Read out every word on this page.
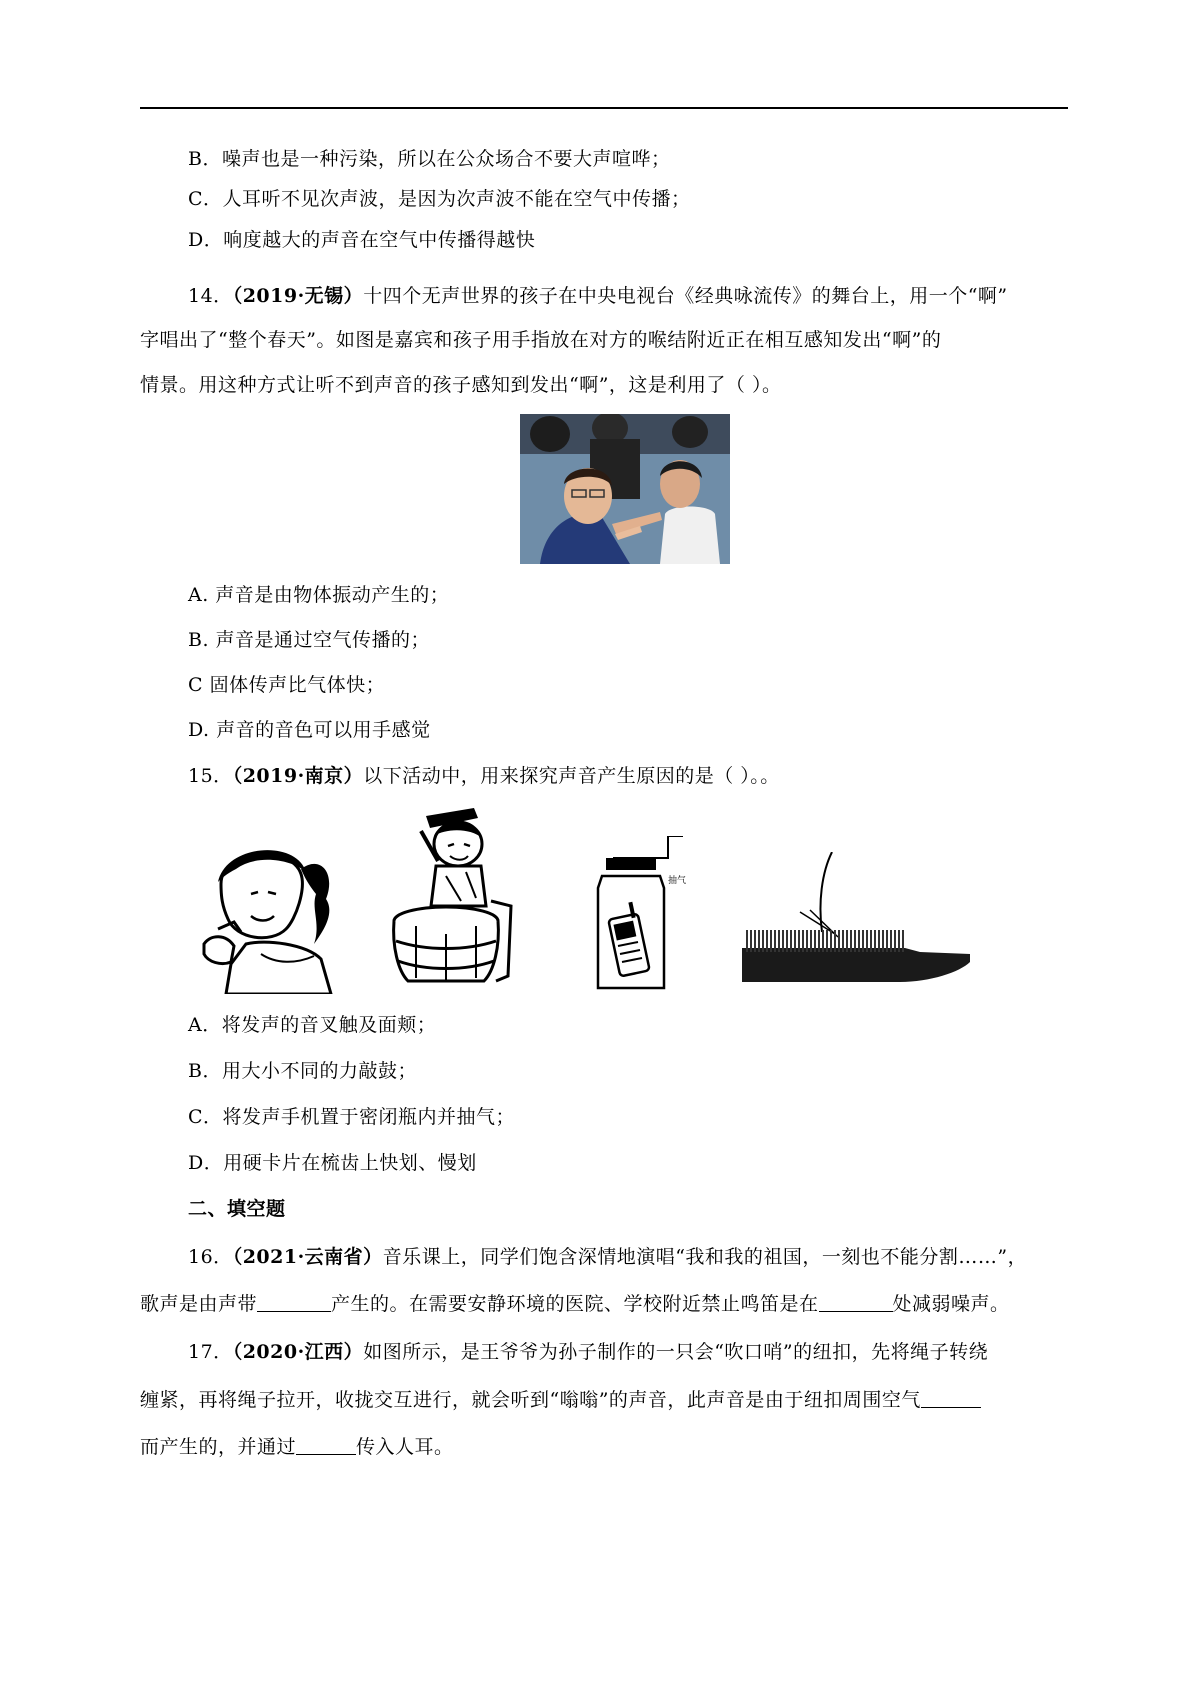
B．噪声也是一种污染，所以在公众场合不要大声喧哗；
C．人耳听不见次声波，是因为次声波不能在空气中传播；
D．响度越大的声音在空气中传播得越快
14．（2019·无锡）十四个无声世界的孩子在中央电视台《经典咏流传》的舞台上，用一个“啊”
字唱出了“整个春天”。如图是嘉宾和孩子用手指放在对方的喉结附近正在相互感知发出“啊”的
情景。用这种方式让听不到声音的孩子感知到发出“啊”，这是利用了（ ）。
A. 声音是由物体振动产生的；
B. 声音是通过空气传播的；
C 固体传声比气体快；
D. 声音的音色可以用手感觉
15．（2019·南京）以下活动中，用来探究声音产生原因的是（ ）。。
抽气
A．将发声的音叉触及面颊；
B．用大小不同的力敲鼓；
C．将发声手机置于密闭瓶内并抽气；
D．用硬卡片在梳齿上快划、慢划
二、填空题
16．（2021·云南省）音乐课上，同学们饱含深情地演唱“我和我的祖国，一刻也不能分割……”，
歌声是由声带	产生的。在需要安静环境的医院、学校附近禁止鸣笛是在	处减弱噪声。
17．（2020·江西）如图所示，是王爷爷为孙子制作的一只会“吹口哨”的纽扣，先将绳子转绕
缠紧，再将绳子拉开，收拢交互进行，就会听到“嗡嗡”的声音，此声音是由于纽扣周围空气
而产生的，并通过	传入人耳。
